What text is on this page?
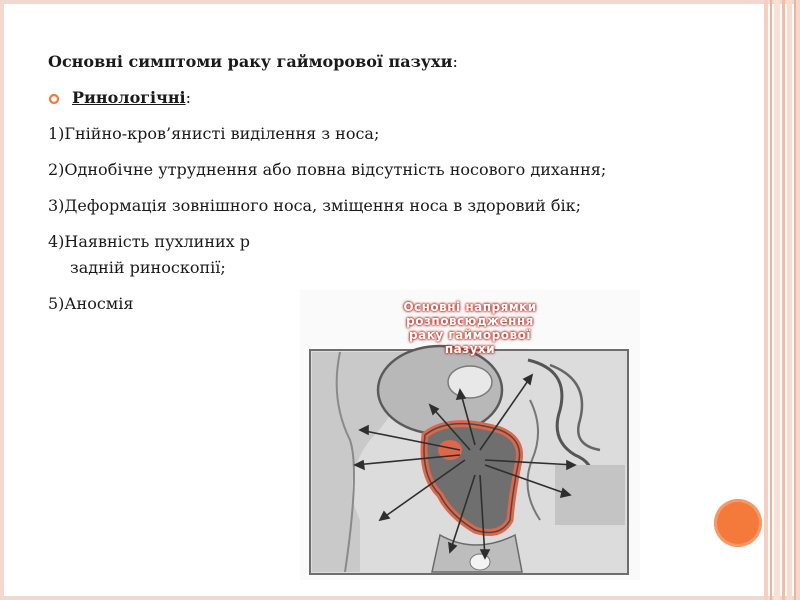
Основні симптоми раку гайморової пазухи:
Ринологічні:
1)Гнійно-кров’янисті виділення з носа;
2)Однобічне утруднення або повна відсутність носового дихання;
3)Деформація зовнішного носа, зміщення носа в здоровий бік;
4)Наявність пухлиних р
задній риноскопії;
5)Аносмія	Основні напрямки
розповсюдження
раку гайморової
пазухи
